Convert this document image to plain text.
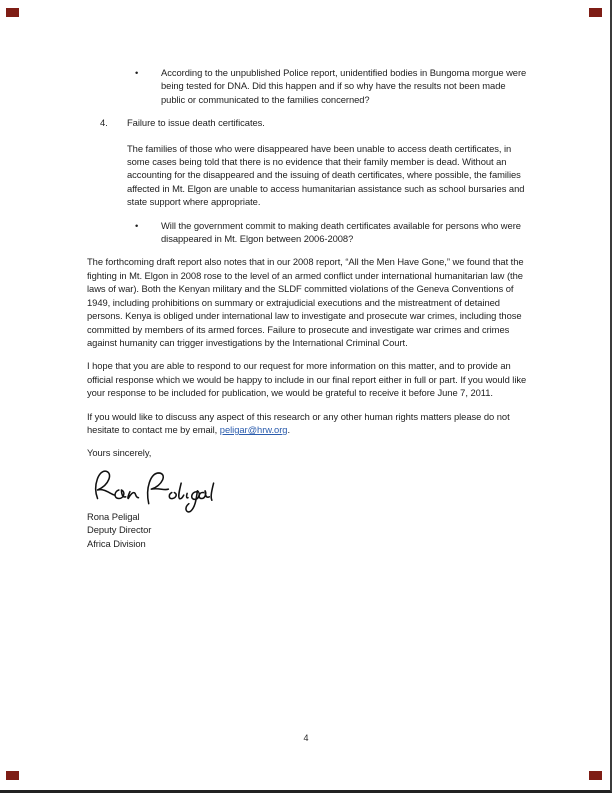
•	According to the unpublished Police report, unidentified bodies in Bungoma morgue were being tested for DNA. Did this happen and if so why have the results not been made public or communicated to the families concerned?
4.	Failure to issue death certificates.

The families of those who were disappeared have been unable to access death certificates, in some cases being told that there is no evidence that their family member is dead. Without an accounting for the disappeared and the issuing of death certificates, where possible, the families affected in Mt. Elgon are unable to access humanitarian assistance such as school bursaries and state support where appropriate.

•	Will the government commit to making death certificates available for persons who were disappeared in Mt. Elgon between 2006-2008?

The forthcoming draft report also notes that in our 2008 report, “All the Men Have Gone,” we found that the fighting in Mt. Elgon in 2008 rose to the level of an armed conflict under international humanitarian law (the laws of war). Both the Kenyan military and the SLDF committed violations of the Geneva Conventions of 1949, including prohibitions on summary or extrajudicial executions and the mistreatment of detained persons. Kenya is obliged under international law to investigate and prosecute war crimes, including those committed by members of its armed forces. Failure to prosecute and investigate war crimes and crimes against humanity can trigger investigations by the International Criminal Court.

I hope that you are able to respond to our request for more information on this matter, and to provide an official response which we would be happy to include in our final report either in full or part. If you would like your response to be included for publication, we would be grateful to receive it before June 7, 2011.

If you would like to discuss any aspect of this research or any other human rights matters please do not hesitate to contact me by email, peligar@hrw.org.

Yours sincerely,

Rona Peligal
Deputy Director
Africa Division
4
